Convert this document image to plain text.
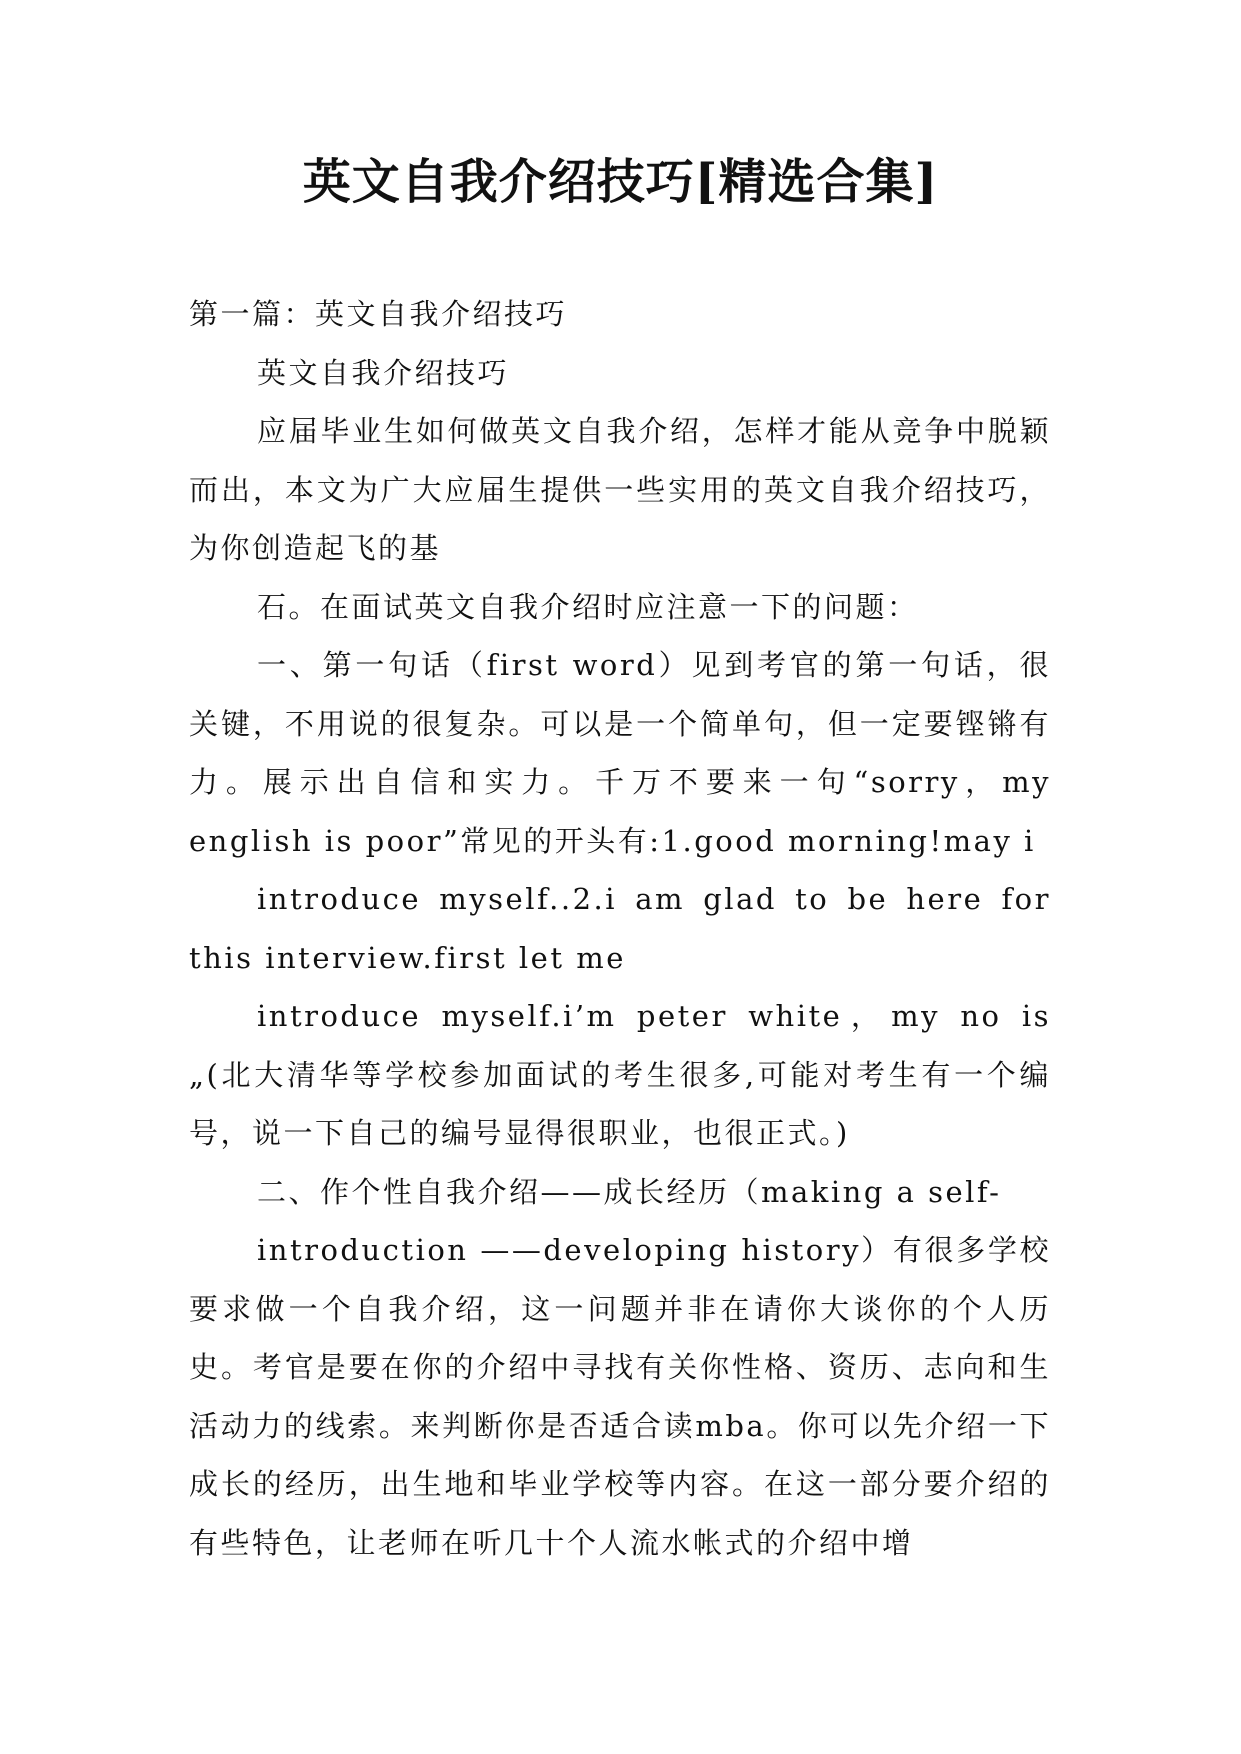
英文自我介绍技巧[精选合集]

第一篇：英文自我介绍技巧

英文自我介绍技巧

应届毕业生如何做英文自我介绍，怎样才能从竞争中脱颖而出，本文为广大应届生提供一些实用的英文自我介绍技巧，为你创造起飞的基

石。在面试英文自我介绍时应注意一下的问题：

一、第一句话（first word）见到考官的第一句话，很关键，不用说的很复杂。可以是一个简单句，但一定要铿锵有力。展示出自信和实力。千万不要来一句“sorry，my english is poor”常见的开头有:1.good morning!may i

introduce myself..2.i am glad to be here for this interview.first let me

introduce myself.i’m peter white，my no is „(北大清华等学校参加面试的考生很多,可能对考生有一个编号，说一下自己的编号显得很职业，也很正式。)

二、作个性自我介绍——成长经历（making a self-

introduction ——developing history）有很多学校要求做一个自我介绍，这一问题并非在请你大谈你的个人历史。考官是要在你的介绍中寻找有关你性格、资历、志向和生活动力的线索。来判断你是否适合读mba。你可以先介绍一下成长的经历，出生地和毕业学校等内容。在这一部分要介绍的有些特色，让老师在听几十个人流水帐式的介绍中增
